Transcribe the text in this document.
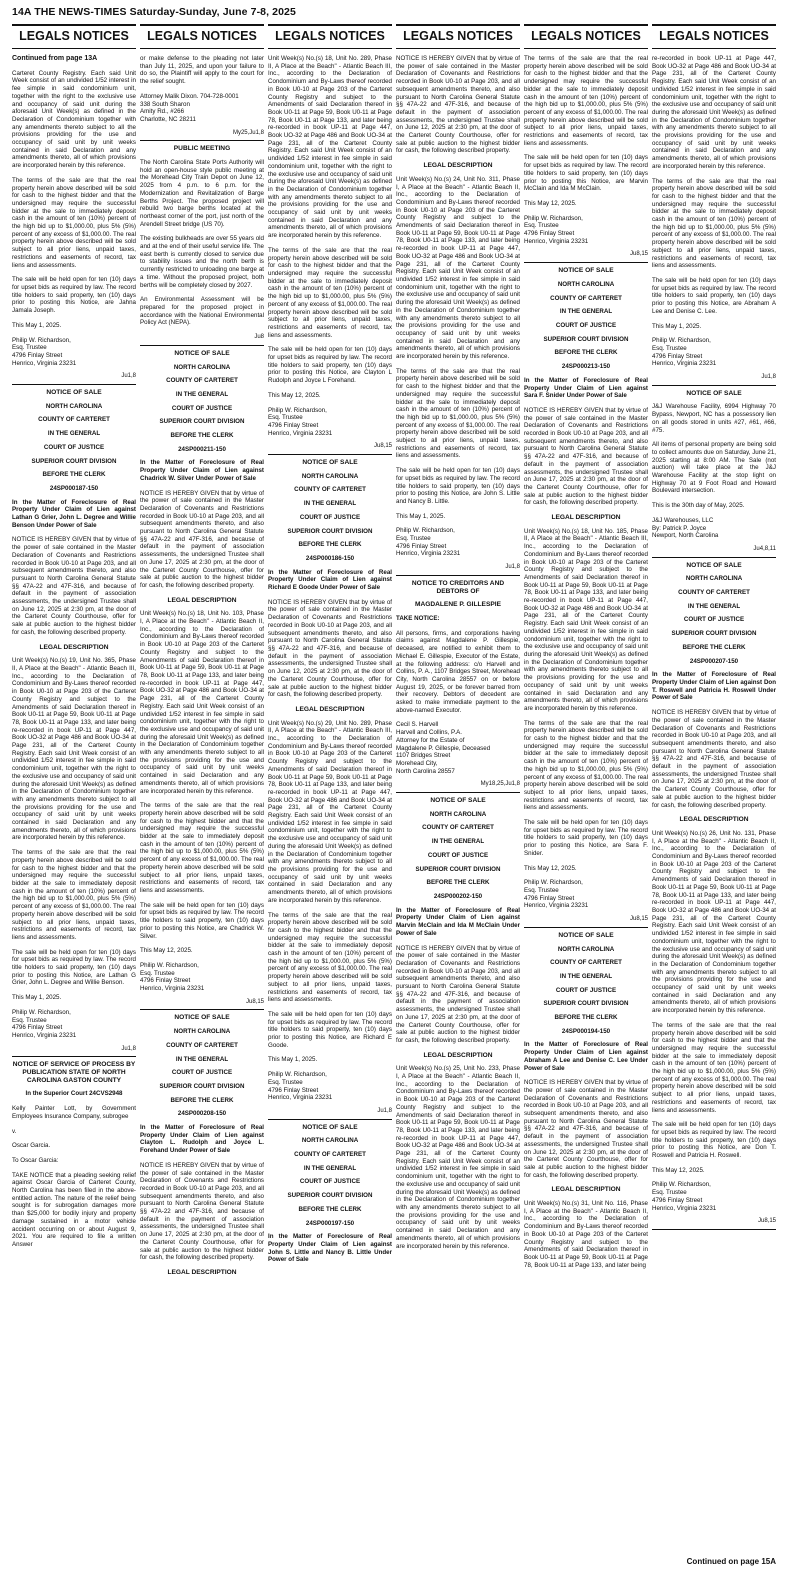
14A THE NEWS-TIMES Saturday-Sunday, June 7-8, 2025
LEGALS NOTICES

Continued from page 13A

Carteret County Registry. Each said Unit Week consist of an undivided 1/52 interest in fee simple in said condominium unit, together with the right to the exclusive use and occupancy of said unit during the aforesaid Unit Week(s) as defined in the Declaration of Condominium together with any amendments thereto subject to all the provisions providing for the use and occupancy of said unit by unit weeks contained in said Declaration and any amendments thereto, all of which provisions are incorporated herein by this reference.

The terms of the sale are that the real property herein above described will be sold for cash to the highest bidder and that the undersigned may require the successful bidder at the sale to immediately deposit cash in the amount of ten (10%) percent of the high bid up to $1,000.00, plus 5% (5%) percent of any excess of $1,000.00. The real property herein above described will be sold subject to all prior liens, unpaid taxes, restrictions and easements of record, tax liens and assessments.

The sale will be held open for ten (10) days for upset bids as required by law. The record title holders to said property, ten (10) days prior to posting this Notice, are Jahna Jamala Joseph.

This May 1, 2025.

Philip W. Richardson,
Esq. Trustee
4796 Finlay Street
Henrico, Virginia 23231
Ju1,8
NOTICE OF SALE

NORTH CAROLINA

COUNTY OF CARTERET

IN THE GENERAL

COURT OF JUSTICE

SUPERIOR COURT DIVISION

BEFORE THE CLERK

24SP000187-150

In the Matter of Foreclosure of Real Property Under Claim of Lien against Lathan G Grier, John L. Degree and Willie Benson Under Power of Sale

NOTICE IS HEREBY GIVEN that by virtue of the power of sale contained in the Master Declaration of Covenants and Restrictions recorded in Book U0-10 at Page 203, and all subsequent amendments thereto, and also pursuant to North Carolina General Statute §§ 47A-22 and 47F-316, and because of default in the payment of association assessments, the undersigned Trustee shall on June 12, 2025 at 2:30 pm, at the door of the Carteret County Courthouse, offer for sale at public auction to the highest bidder for cash, the following described property.

LEGAL DESCRIPTION

Unit Week(s) No.(s) 19, Unit No. 365, Phase II, A Place at the Beach" - Atlantic Beach III, Inc., according to the Declaration of Condominium and By-Laws thereof recorded in Book U0-10 at Page 203 of the Carteret County Registry and subject to the Amendments of said Declaration thereof in Book U0-11 at Page 59, Book U0-11 at Page 78, Book U0-11 at Page 133, and later being re-recorded in book UP-11 at Page 447, Book UO-32 at Page 486 and Book UO-34 at Page 231, all of the Carteret County Registry. Each said Unit Week consist of an undivided 1/52 interest in fee simple in said condominium unit, together with the right to the exclusive use and occupancy of said unit during the aforesaid Unit Week(s) as defined in the Declaration of Condominium together with any amendments thereto subject to all the provisions providing for the use and occupancy of said unit by unit weeks contained in said Declaration and any amendments thereto, all of which provisions are incorporated herein by this reference.

The terms of the sale are that the real property herein above described will be sold for cash to the highest bidder and that the undersigned may require the successful bidder at the sale to immediately deposit cash in the amount of ten (10%) percent of the high bid up to $1,000.00, plus 5% (5%) percent of any excess of $1,000.00. The real property herein above described will be sold subject to all prior liens, unpaid taxes, restrictions and easements of record, tax liens and assessments.

The sale will be held open for ten (10) days for upset bids as required by law. The record title holders to said property, ten (10) days prior to posting this Notice, are Lathan G Grier, John L. Degree and Willie Benson.

This May 1, 2025.

Philip W. Richardson,
Esq. Trustee
4796 Finlay Street
Henrico, Virginia 23231
Ju1,8
NOTICE OF SERVICE OF PROCESS BY PUBLICATION STATE OF NORTH CAROLINA GASTON COUNTY

In the Superior Court 24CVS2948

Kelly Painter Lott, by Government Employees Insurance Company, subrogee

v.

Oscar Garcia.

To Oscar Garcia:

TAKE NOTICE that a pleading seeking relief against Oscar Garcia of Carteret County, North Carolina has been filed in the above-entitled action. The nature of the relief being sought is for subrogation damages more than $25,000 for bodily injury and property damage sustained in a motor vehicle accident occurring on or about August 9, 2021. You are required to file a written Answer

LEGALS NOTICES

or make defense to the pleading not later than July 11, 2025, and upon your failure to do so, the Plaintiff will apply to the court for the relief sought.

Attorney Malik Dixon. 704-728-0001
338 South Sharon
Amity Rd., #266
Charlotte, NC 28211
My25,Ju1,8
PUBLIC MEETING

The North Carolina State Ports Authority will hold an open-house style public meeting at the Morehead City Train Depot on June 12, 2025 from 4 p.m. to 6 p.m. for the Modernization and Revitalization of Barge Berths Project. The proposed project will rebuild two barge berths located at the northeast corner of the port, just north of the Arendell Street bridge (US 70).

The existing bulkheads are over 55 years old and at the end of their useful service life. The east berth is currently closed to service due to stability issues and the north berth is currently restricted to unloading one barge at a time. Without the proposed project, both berths will be completely closed by 2027.

An Environmental Assessment will be prepared for the proposed project in accordance with the National Environmental Policy Act (NEPA).

Ju8
NOTICE OF SALE

NORTH CAROLINA

COUNTY OF CARTERET

IN THE GENERAL

COURT OF JUSTICE

SUPERIOR COURT DIVISION

BEFORE THE CLERK

24SP000211-150

In the Matter of Foreclosure of Real Property Under Claim of Lien against Chadrick W. Silver Under Power of Sale

NOTICE IS HEREBY GIVEN that by virtue of the power of sale contained in the Master Declaration of Covenants and Restrictions recorded in Book U0-10 at Page 203, and all subsequent amendments thereto, and also pursuant to North Carolina General Statute §§ 47A-22 and 47F-316, and because of default in the payment of association assessments, the undersigned Trustee shall on June 17, 2025 at 2:30 pm, at the door of the Carteret County Courthouse, offer for sale at public auction to the highest bidder for cash, the following described property.

LEGAL DESCRIPTION

Unit Week(s) No.(s) 18, Unit No. 103, Phase I, A Place at the Beach" - Atlantic Beach II, Inc., according to the Declaration of Condominium and By-Laws thereof recorded in Book U0-10 at Page 203 of the Carteret County Registry and subject to the Amendments of said Declaration thereof in Book U0-11 at Page 59, Book U0-11 at Page 78, Book U0-11 at Page 133, and later being re-recorded in book UP-11 at Page 447, Book UO-32 at Page 486 and Book UO-34 at Page 231, all of the Carteret County Registry. Each said Unit Week consist of an undivided 1/52 interest in fee simple in said condominium unit, together with the right to the exclusive use and occupancy of said unit during the aforesaid Unit Week(s) as defined in the Declaration of Condominium together with any amendments thereto subject to all the provisions providing for the use and occupancy of said unit by unit weeks contained in said Declaration and any amendments thereto, all of which provisions are incorporated herein by this reference.

The terms of the sale are that the real property herein above described will be sold for cash to the highest bidder and that the undersigned may require the successful bidder at the sale to immediately deposit cash in the amount of ten (10%) percent of the high bid up to $1,000.00, plus 5% (5%) percent of any excess of $1,000.00. The real property herein above described will be sold subject to all prior liens, unpaid taxes, restrictions and easements of record, tax liens and assessments.

The sale will be held open for ten (10) days for upset bids as required by law. The record title holders to said property, ten (10) days prior to posting this Notice, are Chadrick W. Silver.

This May 12, 2025.

Philip W. Richardson,
Esq. Trustee
4796 Finlay Street
Henrico, Virginia 23231
Ju8,15
NOTICE OF SALE

NORTH CAROLINA

COUNTY OF CARTERET

IN THE GENERAL

COURT OF JUSTICE

SUPERIOR COURT DIVISION

BEFORE THE CLERK

24SP000208-150

In the Matter of Foreclosure of Real Property Under Claim of Lien against Clayton L. Rudolph and Joyce L. Forehand Under Power of Sale

NOTICE IS HEREBY GIVEN that by virtue of the power of sale contained in the Master Declaration of Covenants and Restrictions recorded in Book U0-10 at Page 203, and all subsequent amendments thereto, and also pursuant to North Carolina General Statute §§ 47A-22 and 47F-316, and because of default in the payment of association assessments, the undersigned Trustee shall on June 17, 2025 at 2:30 pm, at the door of the Carteret County Courthouse, offer for sale at public auction to the highest bidder for cash, the following described property.

LEGAL DESCRIPTION
LEGALS NOTICES

Unit Week(s) No.(s) 18, Unit No. 289, Phase II, A Place at the Beach" - Atlantic Beach III, Inc., according to the Declaration of Condominium and By-Laws thereof recorded in Book U0-10 at Page 203 of the Carteret County Registry and subject to the Amendments of said Declaration thereof in Book U0-11 at Page 59, Book U0-11 at Page 78, Book U0-11 at Page 133, and later being re-recorded in book UP-11 at Page 447, Book UO-32 at Page 486 and Book UO-34 at Page 231, all of the Carteret County Registry. Each said Unit Week consist of an undivided 1/52 interest in fee simple in said condominium unit, together with the right to the exclusive use and occupancy of said unit during the aforesaid Unit Week(s) as defined in the Declaration of Condominium together with any amendments thereto subject to all the provisions providing for the use and occupancy of said unit by unit weeks contained in said Declaration and any amendments thereto, all of which provisions are incorporated herein by this reference.

The terms of the sale are that the real property herein above described will be sold for cash to the highest bidder and that the undersigned may require the successful bidder at the sale to immediately deposit cash in the amount of ten (10%) percent of the high bid up to $1,000.00, plus 5% (5%) percent of any excess of $1,000.00. The real property herein above described will be sold subject to all prior liens, unpaid taxes, restrictions and easements of record, tax liens and assessments.

The sale will be held open for ten (10) days for upset bids as required by law. The record title holders to said property, ten (10) days prior to posting this Notice, are Clayton L Rudolph and Joyce L Forehand.

This May 12, 2025.

Philip W. Richardson,
Esq. Trustee
4796 Finlay Street
Henrico, Virginia 23231
Ju8,15
NOTICE OF SALE

NORTH CAROLINA

COUNTY OF CARTERET

IN THE GENERAL

COURT OF JUSTICE

SUPERIOR COURT DIVISION

BEFORE THE CLERK

24SP000186-150

In the Matter of Foreclosure of Real Property Under Claim of Lien against Richard E Goode Under Power of Sale

NOTICE IS HEREBY GIVEN that by virtue of the power of sale contained in the Master Declaration of Covenants and Restrictions recorded in Book U0-10 at Page 203, and all subsequent amendments thereto, and also pursuant to North Carolina General Statute §§ 47A-22 and 47F-316, and because of default in the payment of association assessments, the undersigned Trustee shall on June 12, 2025 at 2:30 pm, at the door of the Carteret County Courthouse, offer for sale at public auction to the highest bidder for cash, the following described property.

LEGAL DESCRIPTION

Unit Week(s) No.(s) 29, Unit No. 289, Phase II, A Place at the Beach" - Atlantic Beach III, Inc., according to the Declaration of Condominium and By-Laws thereof recorded in Book U0-10 at Page 203 of the Carteret County Registry and subject to the Amendments of said Declaration thereof in Book U0-11 at Page 59, Book U0-11 at Page 78, Book U0-11 at Page 133, and later being re-recorded in book UP-11 at Page 447, Book UO-32 at Page 486 and Book UO-34 at Page 231, all of the Carteret County Registry. Each said Unit Week consist of an undivided 1/52 interest in fee simple in said condominium unit, together with the right to the exclusive use and occupancy of said unit during the aforesaid Unit Week(s) as defined in the Declaration of Condominium together with any amendments thereto subject to all the provisions providing for the use and occupancy of said unit by unit weeks contained in said Declaration and any amendments thereto, all of which provisions are incorporated herein by this reference.

The terms of the sale are that the real property herein above described will be sold for cash to the highest bidder and that the undersigned may require the successful bidder at the sale to immediately deposit cash in the amount of ten (10%) percent of the high bid up to $1,000.00, plus 5% (5%) percent of any excess of $1,000.00. The real property herein above described will be sold subject to all prior liens, unpaid taxes, restrictions and easements of record, tax liens and assessments.

The sale will be held open for ten (10) days for upset bids as required by law. The record title holders to said property, ten (10) days prior to posting this Notice, are Richard E Goode.

This May 1, 2025.

Philip W. Richardson,
Esq. Trustee
4796 Finlay Street
Henrico, Virginia 23231
Ju1,8
NOTICE OF SALE

NORTH CAROLINA

COUNTY OF CARTERET

IN THE GENERAL

COURT OF JUSTICE

SUPERIOR COURT DIVISION

BEFORE THE CLERK

24SP000197-150

In the Matter of Foreclosure of Real Property Under Claim of Lien against John S. Little and Nancy B. Little Under Power of Sale

LEGALS NOTICES

NOTICE IS HEREBY GIVEN that by virtue of the power of sale contained in the Master Declaration of Covenants and Restrictions recorded in Book U0-10 at Page 203, and all subsequent amendments thereto, and also pursuant to North Carolina General Statute §§ 47A-22 and 47F-316, and because of default in the payment of association assessments, the undersigned Trustee shall on June 12, 2025 at 2:30 pm, at the door of the Carteret County Courthouse, offer for sale at public auction to the highest bidder for cash, the following described property.

LEGAL DESCRIPTION

Unit Week(s) No.(s) 24, Unit No. 311, Phase I, A Place at the Beach" - Atlantic Beach II, Inc., according to the Declaration of Condominium and By-Laws thereof recorded in Book U0-10 at Page 203 of the Carteret County Registry and subject to the Amendments of said Declaration thereof in Book U0-11 at Page 59, Book U0-11 at Page 78, Book U0-11 at Page 133, and later being re-recorded in book UP-11 at Page 447, Book UO-32 at Page 486 and Book UO-34 at Page 231, all of the Carteret County Registry. Each said Unit Week consist of an undivided 1/52 interest in fee simple in said condominium unit, together with the right to the exclusive use and occupancy of said unit during the aforesaid Unit Week(s) as defined in the Declaration of Condominium together with any amendments thereto subject to all the provisions providing for the use and occupancy of said unit by unit weeks contained in said Declaration and any amendments thereto, all of which provisions are incorporated herein by this reference.

The terms of the sale are that the real property herein above described will be sold for cash to the highest bidder and that the undersigned may require the successful bidder at the sale to immediately deposit cash in the amount of ten (10%) percent of the high bid up to $1,000.00, plus 5% (5%) percent of any excess of $1,000.00. The real property herein above described will be sold subject to all prior liens, unpaid taxes, restrictions and easements of record, tax liens and assessments.

The sale will be held open for ten (10) days for upset bids as required by law. The record title holders to said property, ten (10) days prior to posting this Notice, are John S. Little and Nancy B. Little.

This May 1, 2025.

Philip W. Richardson,
Esq. Trustee
4796 Finlay Street
Henrico, Virginia 23231
Ju1,8
NOTICE TO CREDITORS AND DEBTORS OF
MAGDALENE P. GILLESPIE

TAKE NOTICE:

All persons, firms, and corporations having claims against Magdalene P. Gillespie, deceased, are notified to exhibit them to Michael E. Gillespie, Executor of the Estate, at the following address: c/o Harvell and Collins, P. A., 1107 Bridges Street, Morehead City, North Carolina 28557 on or before August 19, 2025, or be forever barred from their recovery. Debtors of decedent are asked to make immediate payment to the above-named Executor.

Cecil S. Harvell
Harvell and Collins, P.A.
Attorney for the Estate of
Magdalene P. Gillespie, Deceased
1107 Bridges Street
Morehead City,
North Carolina 28557
My18,25,Ju1,8
NOTICE OF SALE

NORTH CAROLINA

COUNTY OF CARTERET

IN THE GENERAL

COURT OF JUSTICE

SUPERIOR COURT DIVISION

BEFORE THE CLERK

24SP000202-150

In the Matter of Foreclosure of Real Property Under Claim of Lien against Marvin McClain and Ida M McClain Under Power of Sale

NOTICE IS HEREBY GIVEN that by virtue of the power of sale contained in the Master Declaration of Covenants and Restrictions recorded in Book U0-10 at Page 203, and all subsequent amendments thereto, and also pursuant to North Carolina General Statute §§ 47A-22 and 47F-316, and because of default in the payment of association assessments, the undersigned Trustee shall on June 17, 2025 at 2:30 pm, at the door of the Carteret County Courthouse, offer for sale at public auction to the highest bidder for cash, the following described property.

LEGAL DESCRIPTION

Unit Week(s) No.(s) 25, Unit No. 233, Phase I, A Place at the Beach" - Atlantic Beach II, Inc., according to the Declaration of Condominium and By-Laws thereof recorded in Book U0-10 at Page 203 of the Carteret County Registry and subject to the Amendments of said Declaration thereof in Book U0-11 at Page 59, Book U0-11 at Page 78, Book U0-11 at Page 133, and later being re-recorded in book UP-11 at Page 447, Book UO-32 at Page 486 and Book UO-34 at Page 231, all of the Carteret County Registry. Each said Unit Week consist of an undivided 1/52 interest in fee simple in said condominium unit, together with the right to the exclusive use and occupancy of said unit during the aforesaid Unit Week(s) as defined in the Declaration of Condominium together with any amendments thereto subject to all the provisions providing for the use and occupancy of said unit by unit weeks contained in said Declaration and any amendments thereto, all of which provisions are incorporated herein by this reference.

LEGALS NOTICES

The terms of the sale are that the real property herein above described will be sold for cash to the highest bidder and that the undersigned may require the successful bidder at the sale to immediately deposit cash in the amount of ten (10%) percent of the high bid up to $1,000.00, plus 5% (5%) percent of any excess of $1,000.00. The real property herein above described will be sold subject to all prior liens, unpaid taxes, restrictions and easements of record, tax liens and assessments.

The sale will be held open for ten (10) days for upset bids as required by law. The record title holders to said property, ten (10) days prior to posting this Notice, are Marvin McClain and Ida M McClain.

This May 12, 2025.

Philip W. Richardson,
Esq. Trustee
4796 Finlay Street
Henrico, Virginia 23231
Ju8,15
NOTICE OF SALE

NORTH CAROLINA

COUNTY OF CARTERET

IN THE GENERAL

COURT OF JUSTICE

SUPERIOR COURT DIVISION

BEFORE THE CLERK

24SP000213-150

In the Matter of Foreclosure of Real Property Under Claim of Lien against Sara F. Snider Under Power of Sale

NOTICE IS HEREBY GIVEN that by virtue of the power of sale contained in the Master Declaration of Covenants and Restrictions recorded in Book U0-10 at Page 203, and all subsequent amendments thereto, and also pursuant to North Carolina General Statute §§ 47A-22 and 47F-316, and because of default in the payment of association assessments, the undersigned Trustee shall on June 17, 2025 at 2:30 pm, at the door of the Carteret County Courthouse, offer for sale at public auction to the highest bidder for cash, the following described property.

LEGAL DESCRIPTION

Unit Week(s) No.(s) 18, Unit No. 185, Phase II, A Place at the Beach" - Atlantic Beach III, Inc., according to the Declaration of Condominium and By-Laws thereof recorded in Book U0-10 at Page 203 of the Carteret County Registry and subject to the Amendments of said Declaration thereof in Book U0-11 at Page 59, Book U0-11 at Page 78, Book U0-11 at Page 133, and later being re-recorded in book UP-11 at Page 447, Book UO-32 at Page 486 and Book UO-34 at Page 231, all of the Carteret County Registry. Each said Unit Week consist of an undivided 1/52 interest in fee simple in said condominium unit, together with the right to the exclusive use and occupancy of said unit during the aforesaid Unit Week(s) as defined in the Declaration of Condominium together with any amendments thereto subject to all the provisions providing for the use and occupancy of said unit by unit weeks contained in said Declaration and any amendments thereto, all of which provisions are incorporated herein by this reference.

The terms of the sale are that the real property herein above described will be sold for cash to the highest bidder and that the undersigned may require the successful bidder at the sale to immediately deposit cash in the amount of ten (10%) percent of the high bid up to $1,000.00, plus 5% (5%) percent of any excess of $1,000.00. The real property herein above described will be sold subject to all prior liens, unpaid taxes, restrictions and easements of record, tax liens and assessments.

The sale will be held open for ten (10) days for upset bids as required by law. The record title holders to said property, ten (10) days prior to posting this Notice, are Sara F. Snider.

This May 12, 2025.

Philip W. Richardson,
Esq. Trustee
4796 Finlay Street
Henrico, Virginia 23231
Ju8,15
NOTICE OF SALE

NORTH CAROLINA

COUNTY OF CARTERET

IN THE GENERAL

COURT OF JUSTICE

SUPERIOR COURT DIVISION

BEFORE THE CLERK

24SP000194-150

In the Matter of Foreclosure of Real Property Under Claim of Lien against Abraham A Lee and Denise C. Lee Under Power of Sale

NOTICE IS HEREBY GIVEN that by virtue of the power of sale contained in the Master Declaration of Covenants and Restrictions recorded in Book U0-10 at Page 203, and all subsequent amendments thereto, and also pursuant to North Carolina General Statute §§ 47A-22 and 47F-316, and because of default in the payment of association assessments, the undersigned Trustee shall on June 12, 2025 at 2:30 pm, at the door of the Carteret County Courthouse, offer for sale at public auction to the highest bidder for cash, the following described property.

LEGAL DESCRIPTION

Unit Week(s) No.(s) 31, Unit No. 116, Phase I, A Place at the Beach" - Atlantic Beach II, Inc., according to the Declaration of Condominium and By-Laws thereof recorded in Book U0-10 at Page 203 of the Carteret County Registry and subject to the Amendments of said Declaration thereof in Book U0-11 at Page 59, Book U0-11 at Page 78, Book U0-11 at Page 133, and later being

LEGALS NOTICES

re-recorded in book UP-11 at Page 447, Book UO-32 at Page 486 and Book UO-34 at Page 231, all of the Carteret County Registry. Each said Unit Week consist of an undivided 1/52 interest in fee simple in said condominium unit, together with the right to the exclusive use and occupancy of said unit during the aforesaid Unit Week(s) as defined in the Declaration of Condominium together with any amendments thereto subject to all the provisions providing for the use and occupancy of said unit by unit weeks contained in said Declaration and any amendments thereto, all of which provisions are incorporated herein by this reference.

The terms of the sale are that the real property herein above described will be sold for cash to the highest bidder and that the undersigned may require the successful bidder at the sale to immediately deposit cash in the amount of ten (10%) percent of the high bid up to $1,000.00, plus 5% (5%) percent of any excess of $1,000.00. The real property herein above described will be sold subject to all prior liens, unpaid taxes, restrictions and easements of record, tax liens and assessments.

The sale will be held open for ten (10) days for upset bids as required by law. The record title holders to said property, ten (10) days prior to posting this Notice, are Abraham A Lee and Denise C. Lee.

This May 1, 2025.

Philip W. Richardson,
Esq. Trustee
4796 Finlay Street
Henrico, Virginia 23231
Ju1,8
NOTICE OF SALE

J&J Warehouse Facility, 6994 Highway 70 Bypass, Newport, NC has a possessory lien on all goods stored in units #27, #61, #66, #75.

All items of personal property are being sold to collect amounts due on Saturday, June 21, 2025 starting at 8:00 AM. The Sale (not auction) will take place at the J&J Warehouse Facility at the stop light on Highway 70 at 9 Foot Road and Howard Boulevard intersection.

This is the 30th day of May, 2025.

J&J Warehouses, LLC
By: Patrick P. Joyce
Newport, North Carolina
Ju4,8,11
NOTICE OF SALE

NORTH CAROLINA

COUNTY OF CARTERET

IN THE GENERAL

COURT OF JUSTICE

SUPERIOR COURT DIVISION

BEFORE THE CLERK

24SP000207-150

In the Matter of Foreclosure of Real Property Under Claim of Lien against Don T. Roswell and Patricia H. Roswell Under Power of Sale

NOTICE IS HEREBY GIVEN that by virtue of the power of sale contained in the Master Declaration of Covenants and Restrictions recorded in Book U0-10 at Page 203, and all subsequent amendments thereto, and also pursuant to North Carolina General Statute §§ 47A-22 and 47F-316, and because of default in the payment of association assessments, the undersigned Trustee shall on June 17, 2025 at 2:30 pm, at the door of the Carteret County Courthouse, offer for sale at public auction to the highest bidder for cash, the following described property.

LEGAL DESCRIPTION

Unit Week(s) No.(s) 26, Unit No. 131, Phase I, A Place at the Beach" - Atlantic Beach II, Inc., according to the Declaration of Condominium and By-Laws thereof recorded in Book U0-10 at Page 203 of the Carteret County Registry and subject to the Amendments of said Declaration thereof in Book U0-11 at Page 59, Book U0-11 at Page 78, Book U0-11 at Page 133, and later being re-recorded in book UP-11 at Page 447, Book UO-32 at Page 486 and Book UO-34 at Page 231, all of the Carteret County Registry. Each said Unit Week consist of an undivided 1/52 interest in fee simple in said condominium unit, together with the right to the exclusive use and occupancy of said unit during the aforesaid Unit Week(s) as defined in the Declaration of Condominium together with any amendments thereto subject to all the provisions providing for the use and occupancy of said unit by unit weeks contained in said Declaration and any amendments thereto, all of which provisions are incorporated herein by this reference.

The terms of the sale are that the real property herein above described will be sold for cash to the highest bidder and that the undersigned may require the successful bidder at the sale to immediately deposit cash in the amount of ten (10%) percent of the high bid up to $1,000.00, plus 5% (5%) percent of any excess of $1,000.00. The real property herein above described will be sold subject to all prior liens, unpaid taxes, restrictions and easements of record, tax liens and assessments.

The sale will be held open for ten (10) days for upset bids as required by law. The record title holders to said property, ten (10) days prior to posting this Notice, are Don T. Roswell and Patricia H. Roswell.

This May 12, 2025.

Philip W. Richardson,
Esq. Trustee
4796 Finlay Street
Henrico, Virginia 23231
Ju8,15
Continued on page 15A
